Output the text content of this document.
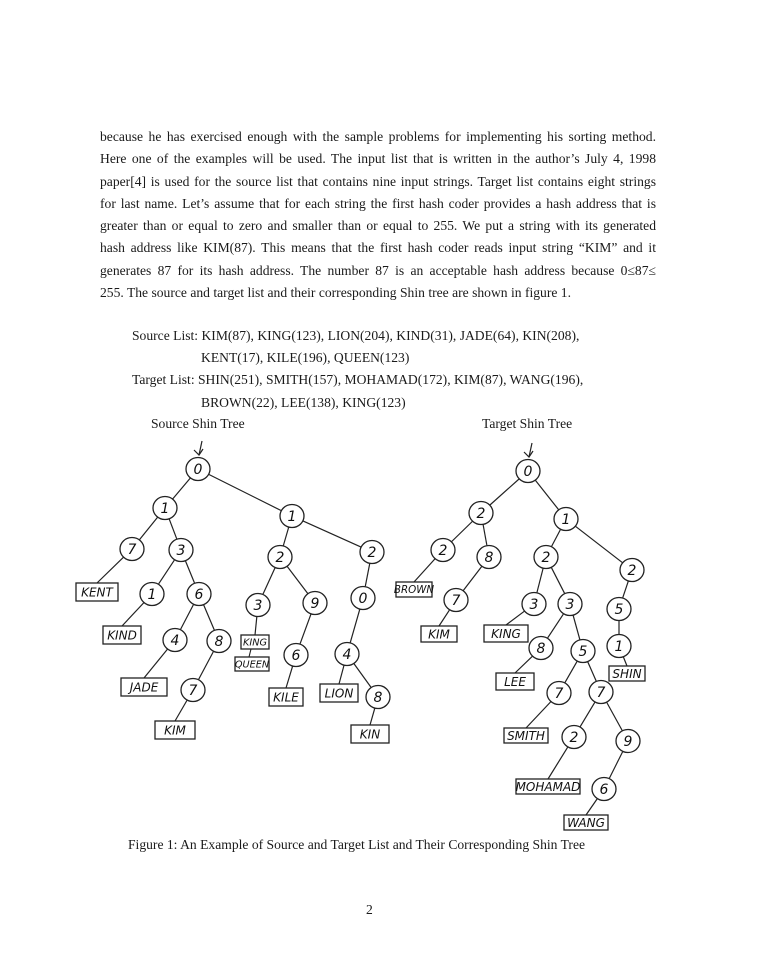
because he has exercised enough with the sample problems for implementing his sorting method.
Here one of the examples will be used. The input list that is written in the author’s July 4, 1998
paper[4] is used for the source list that contains nine input strings. Target list contains eight strings
for last name. Let’s assume that for each string the first hash coder provides a hash address that is
greater than or equal to zero and smaller than or equal to 255. We put a string with its generated
hash address like KIM(87). This means that the first hash coder reads input string “KIM” and it
generates 87 for its hash address. The number 87 is an acceptable hash address because 0≤87≤
255. The source and target list and their corresponding Shin tree are shown in figure 1.

Source List: KIM(87), KING(123), LION(204), KIND(31), JADE(64), KIN(208),
KENT(17), KILE(196), QUEEN(123)
Target List: SHIN(251), SMITH(157), MOHAMAD(172), KIM(87), WANG(196),
BROWN(22), LEE(138), KING(123)
Source Shin Tree	Target Shin Tree
0
1	1
7	3	2	2
1	6
3	9	0
4	8
6	4
7	8
KENT
KIND
JADE
KIM
KING
QUEEN
KILE LION
KIN
0
2	1
2	8	2
2
7	3 3	5
8 5 1
7 7
2	9
6
BROWN
KIM	KING
LEE
SHIN
SMITH
MOHAMAD
WANG
Figure 1: An Example of Source and Target List and Their Corresponding Shin Tree
2
